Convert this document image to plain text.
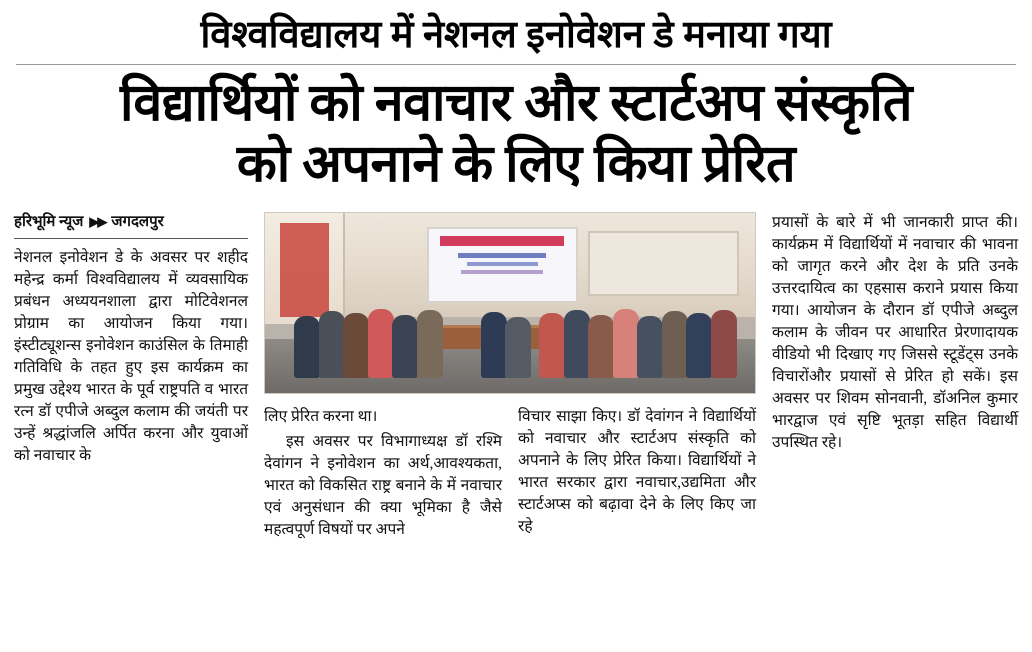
विश्वविद्यालय में नेशनल इनोवेशन डे मनाया गया
विद्यार्थियों को नवाचार और स्टार्टअप संस्कृति
को अपनाने के लिए किया प्रेरित
हरिभूमि न्यूज ▶▶ जगदलपुर

नेशनल इनोवेशन डे के अवसर पर शहीद महेन्द्र कर्मा विश्वविद्यालय में व्यवसायिक प्रबंधन अध्ययनशाला द्वारा मोटिवेशनल प्रोग्राम का आयोजन किया गया। इंस्टीट्यूशन्स इनोवेशन काउंसिल के तिमाही गतिविधि के तहत हुए इस कार्यक्रम का प्रमुख उद्देश्य भारत के पूर्व राष्ट्रपति व भारत रत्न डॉ एपीजे अब्दुल कलाम की जयंती पर उन्हें श्रद्धांजलि अर्पित करना और युवाओं को नवाचार के

लिए प्रेरित करना था।

इस अवसर पर विभागाध्यक्ष डॉ रश्मि देवांगन ने इनोवेशन का अर्थ,आवश्यकता, भारत को विकसित राष्ट्र बनाने के में नवाचार एवं अनुसंधान की क्या भूमिका है जैसे महत्वपूर्ण विषयों पर अपने

विचार साझा किए। डॉ देवांगन ने विद्यार्थियों को नवाचार और स्टार्टअप संस्कृति को अपनाने के लिए प्रेरित किया। विद्यार्थियों ने भारत सरकार द्वारा नवाचार,उद्यमिता और स्टार्टअप्स को बढ़ावा देने के लिए किए जा रहे

प्रयासों के बारे में भी जानकारी प्राप्त की। कार्यक्रम में विद्यार्थियों में नवाचार की भावना को जागृत करने और देश के प्रति उनके उत्तरदायित्व का एहसास कराने प्रयास किया गया। आयोजन के दौरान डॉ एपीजे अब्दुल कलाम के जीवन पर आधारित प्रेरणादायक वीडियो भी दिखाए गए जिससे स्टूडेंट्स उनके विचारोंऔर प्रयासों से प्रेरित हो सकें। इस अवसर पर शिवम सोनवानी, डॉअनिल कुमार भारद्वाज एवं सृष्टि भूतड़ा सहित विद्यार्थी उपस्थित रहे।
